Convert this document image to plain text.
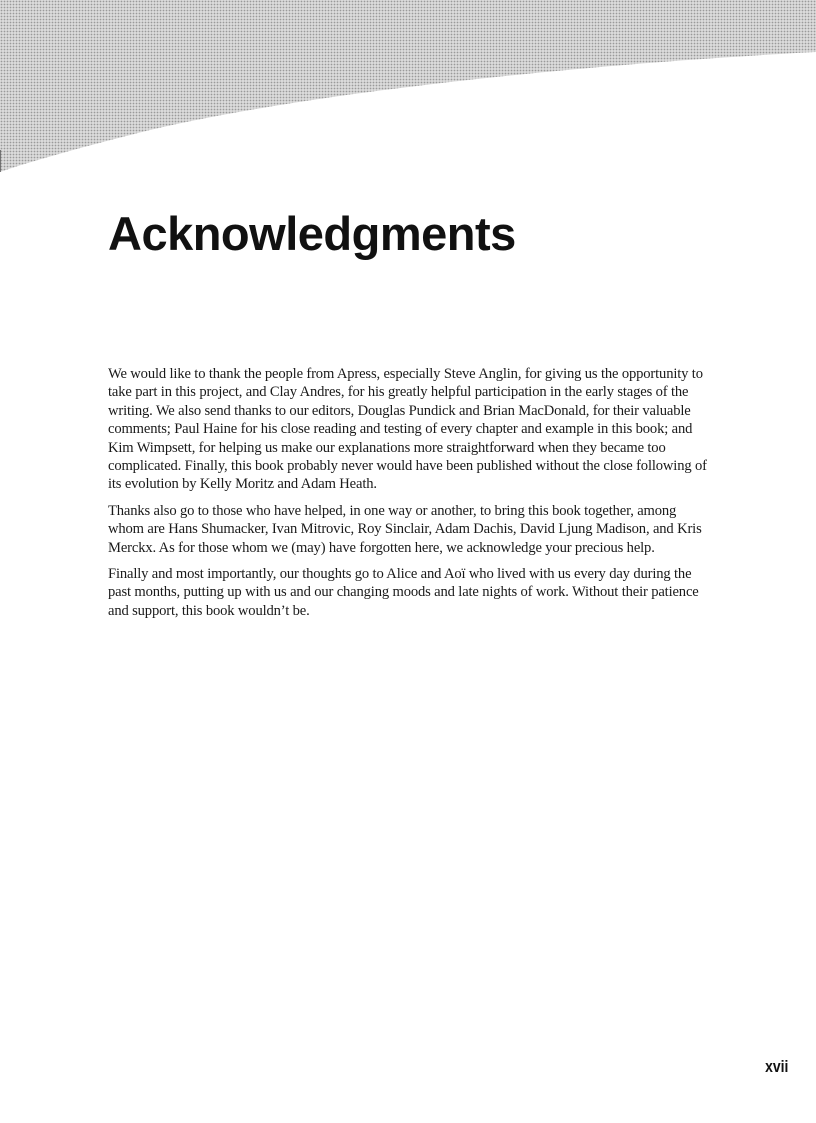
Acknowledgments

We would like to thank the people from Apress, especially Steve Anglin, for giving us the opportunity to take part in this project, and Clay Andres, for his greatly helpful participation in the early stages of the writing. We also send thanks to our editors, Douglas Pundick and Brian MacDonald, for their valuable comments; Paul Haine for his close reading and testing of every chapter and example in this book; and Kim Wimpsett, for helping us make our explanations more straightforward when they became too complicated. Finally, this book probably never would have been published without the close following of its evolution by Kelly Moritz and Adam Heath.

Thanks also go to those who have helped, in one way or another, to bring this book together, among whom are Hans Shumacker, Ivan Mitrovic, Roy Sinclair, Adam Dachis, David Ljung Madison, and Kris Merckx. As for those whom we (may) have forgotten here, we acknowledge your precious help.

Finally and most importantly, our thoughts go to Alice and Aoï who lived with us every day during the past months, putting up with us and our changing moods and late nights of work. Without their patience and support, this book wouldn’t be.

xvii
